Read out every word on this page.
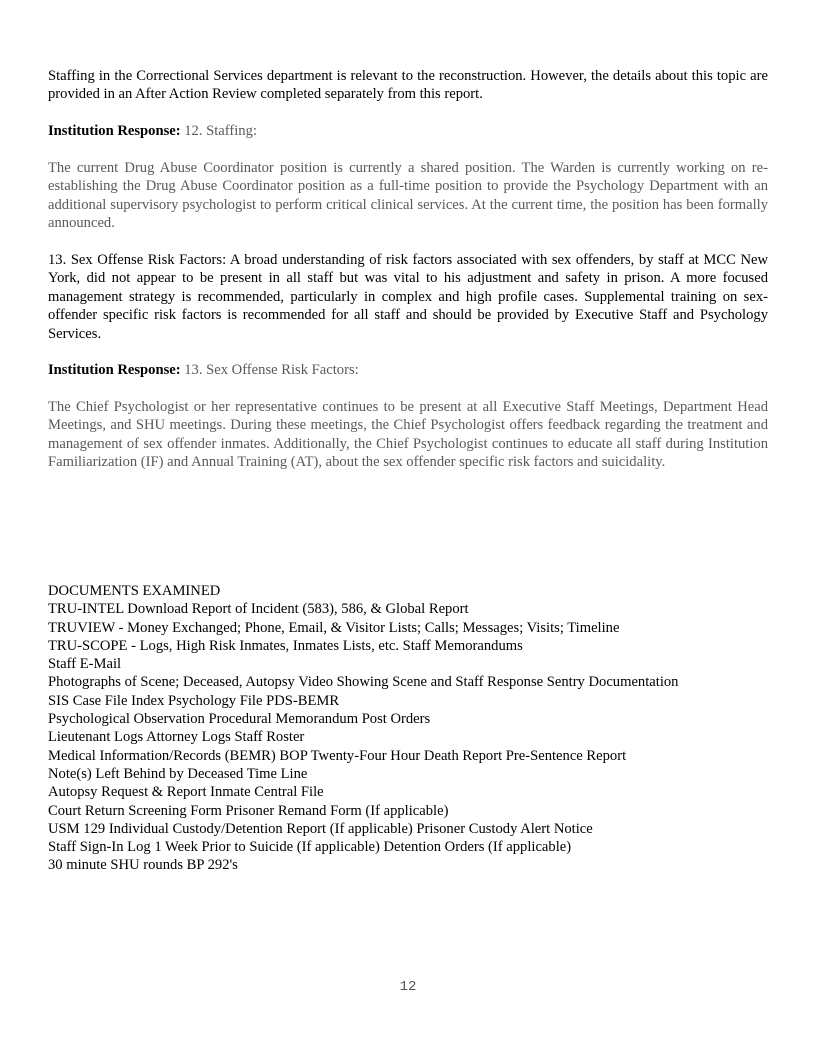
Staffing in the Correctional Services department is relevant to the reconstruction. However, the details about this topic are provided in an After Action Review completed separately from this report.

Institution Response: 12. Staffing:

The current Drug Abuse Coordinator position is currently a shared position. The Warden is currently working on re-establishing the Drug Abuse Coordinator position as a full-time position to provide the Psychology Department with an additional supervisory psychologist to perform critical clinical services. At the current time, the position has been formally announced.

13. Sex Offense Risk Factors: A broad understanding of risk factors associated with sex offenders, by staff at MCC New York, did not appear to be present in all staff but was vital to his adjustment and safety in prison. A more focused management strategy is recommended, particularly in complex and high profile cases. Supplemental training on sex-offender specific risk factors is recommended for all staff and should be provided by Executive Staff and Psychology Services.

Institution Response: 13. Sex Offense Risk Factors:

The Chief Psychologist or her representative continues to be present at all Executive Staff Meetings, Department Head Meetings, and SHU meetings. During these meetings, the Chief Psychologist offers feedback regarding the treatment and management of sex offender inmates. Additionally, the Chief Psychologist continues to educate all staff during Institution Familiarization (IF) and Annual Training (AT), about the sex offender specific risk factors and suicidality.

DOCUMENTS EXAMINED
TRU-INTEL Download Report of Incident (583), 586, & Global Report
TRUVIEW - Money Exchanged; Phone, Email, & Visitor Lists; Calls; Messages; Visits; Timeline
TRU-SCOPE - Logs, High Risk Inmates, Inmates Lists, etc. Staff Memorandums
Staff E-Mail
Photographs of Scene; Deceased, Autopsy Video Showing Scene and Staff Response Sentry Documentation
SIS Case File Index Psychology File PDS-BEMR
Psychological Observation Procedural Memorandum Post Orders
Lieutenant Logs Attorney Logs Staff Roster
Medical Information/Records (BEMR) BOP Twenty-Four Hour Death Report Pre-Sentence Report
Note(s) Left Behind by Deceased Time Line
Autopsy Request & Report Inmate Central File
Court Return Screening Form Prisoner Remand Form (If applicable)
USM 129 Individual Custody/Detention Report (If applicable) Prisoner Custody Alert Notice
Staff Sign-In Log 1 Week Prior to Suicide (If applicable) Detention Orders (If applicable)
30 minute SHU rounds BP 292's
12
